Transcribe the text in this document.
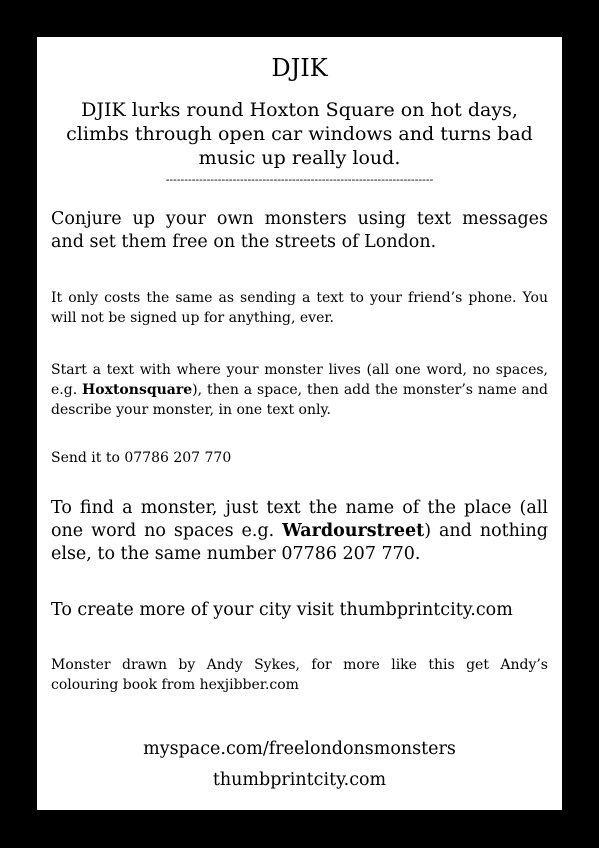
DJIK
DJIK lurks round Hoxton Square on hot days, climbs through open car windows and turns bad music up really loud.
------------------------------------------------------------------------
Conjure up your own monsters using text messages and set them free on the streets of London.
It only costs the same as sending a text to your friend’s phone. You will not be signed up for anything, ever.
Start a text with where your monster lives (all one word, no spaces, e.g. Hoxtonsquare), then a space, then add the monster’s name and describe your monster, in one text only.
Send it to 07786 207 770
To find a monster, just text the name of the place (all one word no spaces e.g. Wardourstreet) and nothing else, to the same number 07786 207 770.
To create more of your city visit thumbprintcity.com
Monster drawn by Andy Sykes, for more like this get Andy’s colouring book from hexjibber.com
myspace.com/freelondonsmonsters
thumbprintcity.com
